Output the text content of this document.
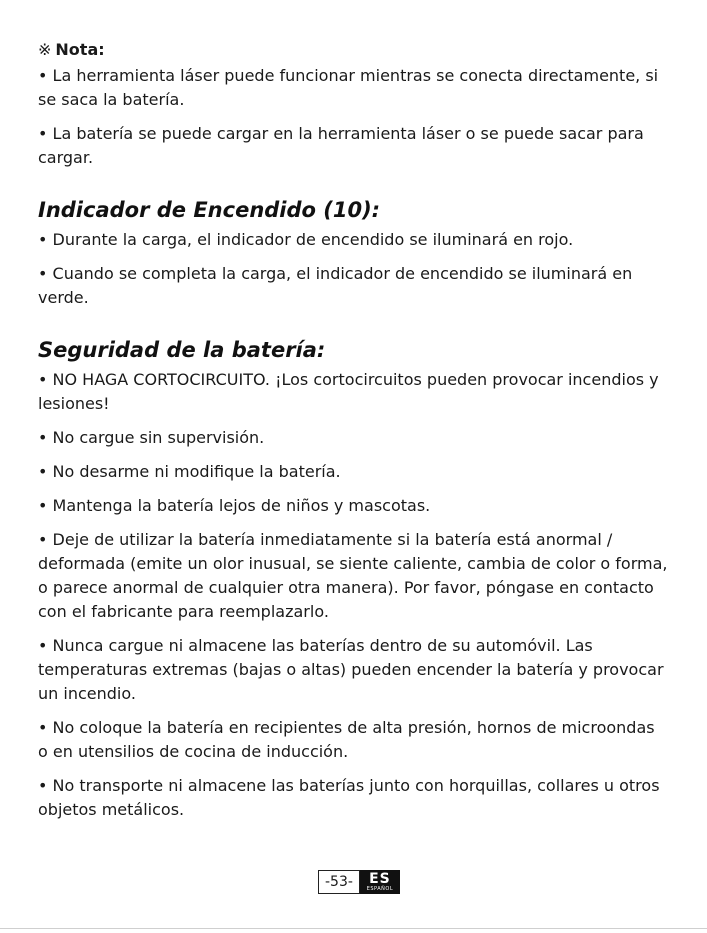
※ Nota:

• La herramienta láser puede funcionar mientras se conecta directamente, si se saca la batería.

• La batería se puede cargar en la herramienta láser o se puede sacar para cargar.

Indicador de Encendido (10):

• Durante la carga, el indicador de encendido se iluminará en rojo.

• Cuando se completa la carga, el indicador de encendido se iluminará en verde.

Seguridad de la batería:

• NO HAGA CORTOCIRCUITO. ¡Los cortocircuitos pueden provocar incendios y lesiones!

• No cargue sin supervisión.

• No desarme ni modifique la batería.

• Mantenga la batería lejos de niños y mascotas.

• Deje de utilizar la batería inmediatamente si la batería está anormal / deformada (emite un olor inusual, se siente caliente, cambia de color o forma, o parece anormal de cualquier otra manera). Por favor, póngase en contacto con el fabricante para reemplazarlo.

• Nunca cargue ni almacene las baterías dentro de su automóvil. Las temperaturas extremas (bajas o altas) pueden encender la batería y provocar un incendio.

• No coloque la batería en recipientes de alta presión, hornos de microondas o en utensilios de cocina de inducción.

• No transporte ni almacene las baterías junto con horquillas, collares u otros objetos metálicos.

-53-	ES
ESPAÑOL
